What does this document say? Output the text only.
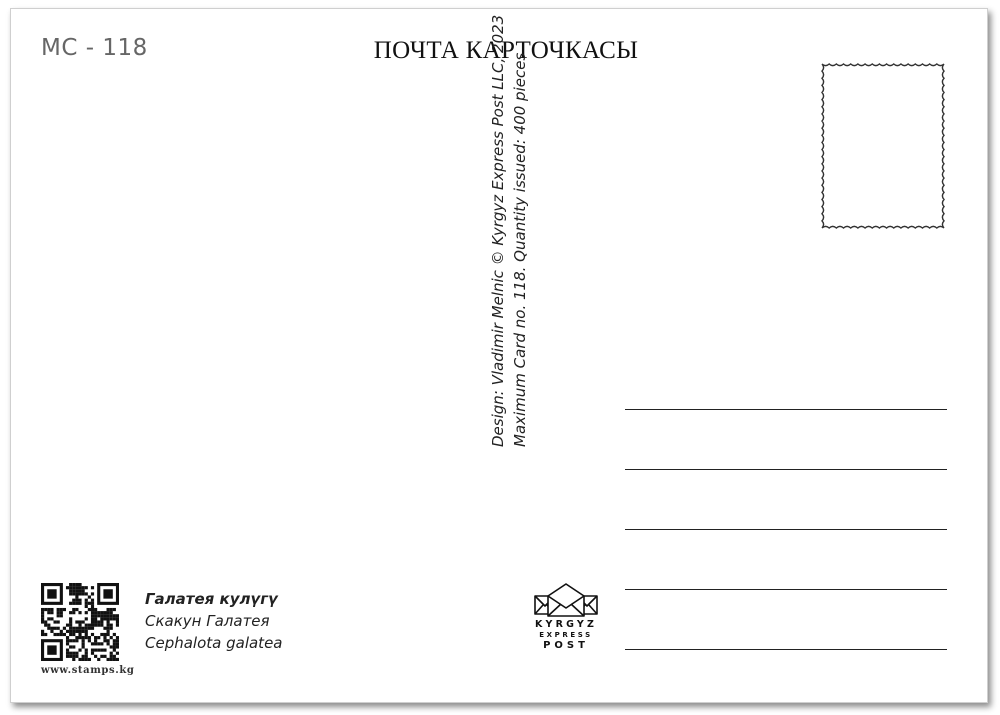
MC - 118	ПОЧТА КАРТОЧКАСЫ
Design: Vladimir Melnic © Kyrgyz Express Post LLC, 2023 Maximum Card no. 118. Quantity issued: 400 pieces
www.stamps.kg
Галатея кулүгү
Скакун Галатея
Cephalota galatea
KYRGYZ
EXPRESS
POST
